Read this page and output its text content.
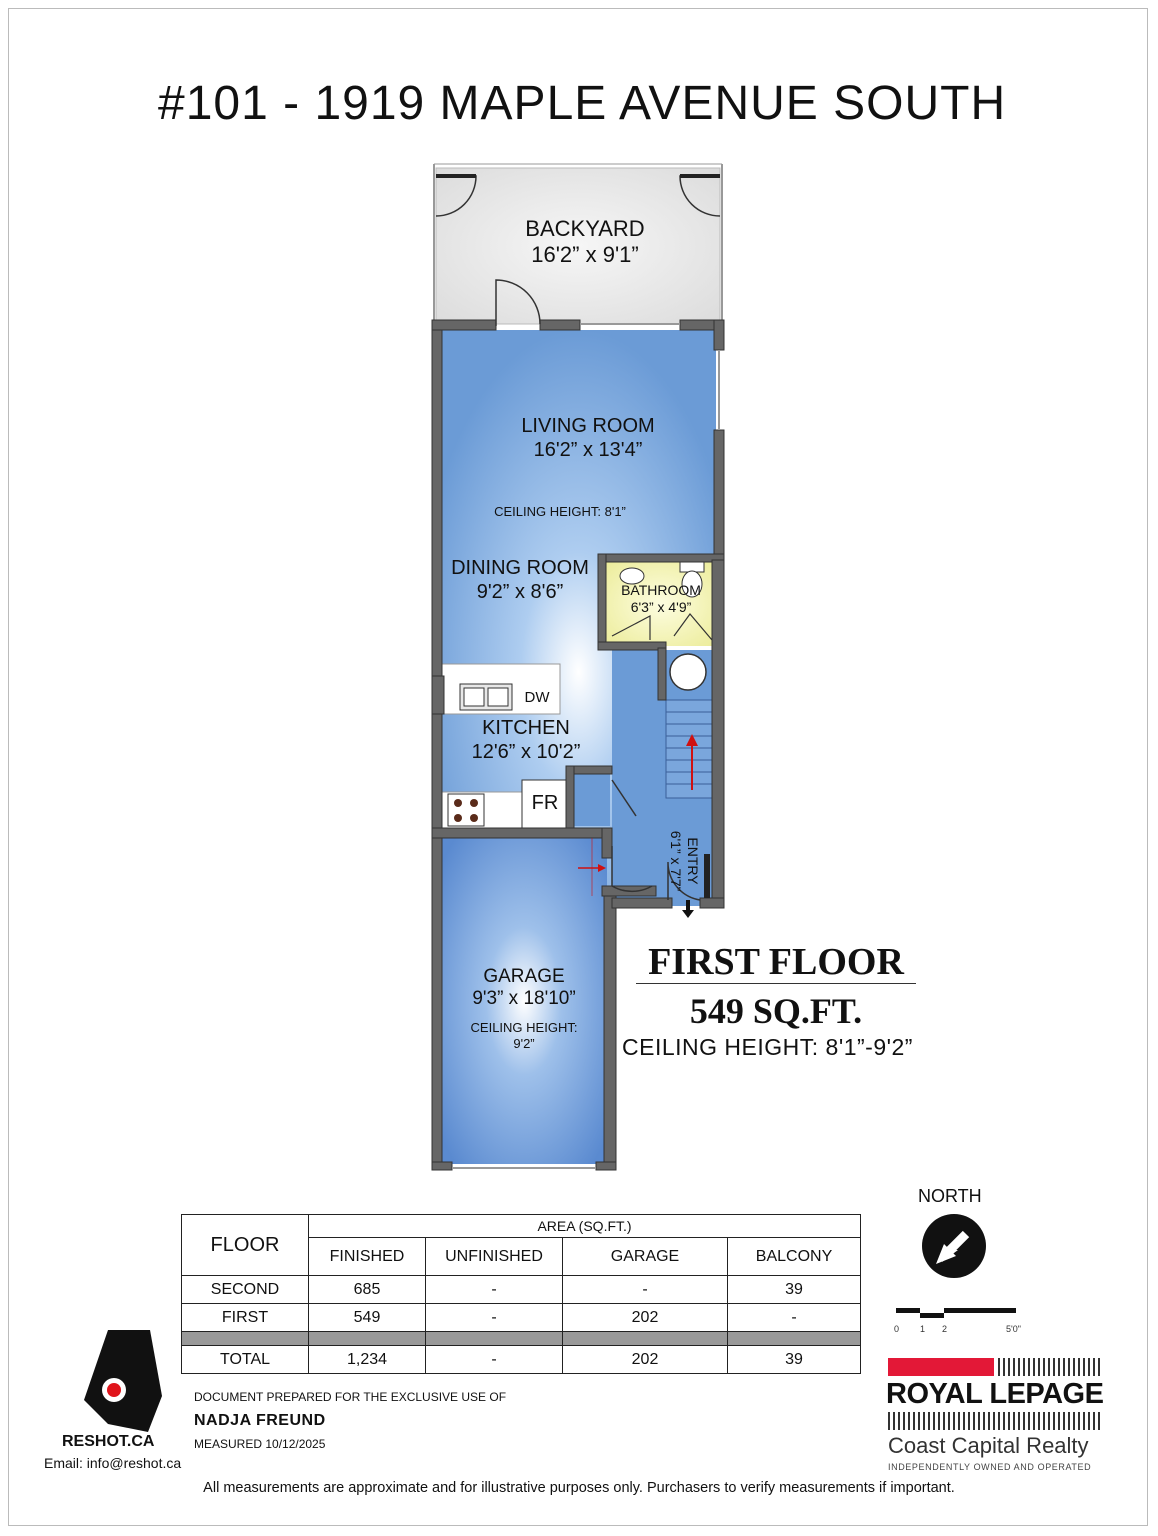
#101 - 1919 MAPLE AVENUE SOUTH
BACKYARD
16'2” x 9'1”
LIVING ROOM
16'2” x 13'4”
CEILING HEIGHT: 8'1”
DINING ROOM
9'2” x 8'6”	BATHROOM
6'3” x 4'9”
DW
KITCHEN
12'6” x 10'2”
FR
ENTRY
6'1” x 7'7”
GARAGE
9'3” x 18'10”
CEILING HEIGHT:
9'2”
FIRST FLOOR
549 SQ.FT.
CEILING HEIGHT: 8'1”-9'2”
FLOOR	AREA (SQ.FT.)			
	FINISHED	UNFINISHED	GARAGE	BALCONY
SECOND	685	-	-	39
FIRST	549	-	202	-

TOTAL	1,234	-	202	39
NORTH
0 1 2	5'0"
RESHOT.CA
Email: info@reshot.ca
DOCUMENT PREPARED FOR THE EXCLUSIVE USE OF
NADJA FREUND
MEASURED 10/12/2025
ROYAL LEPAGE
Coast Capital Realty
INDEPENDENTLY OWNED AND OPERATED
All measurements are approximate and for illustrative purposes only. Purchasers to verify measurements if important.
